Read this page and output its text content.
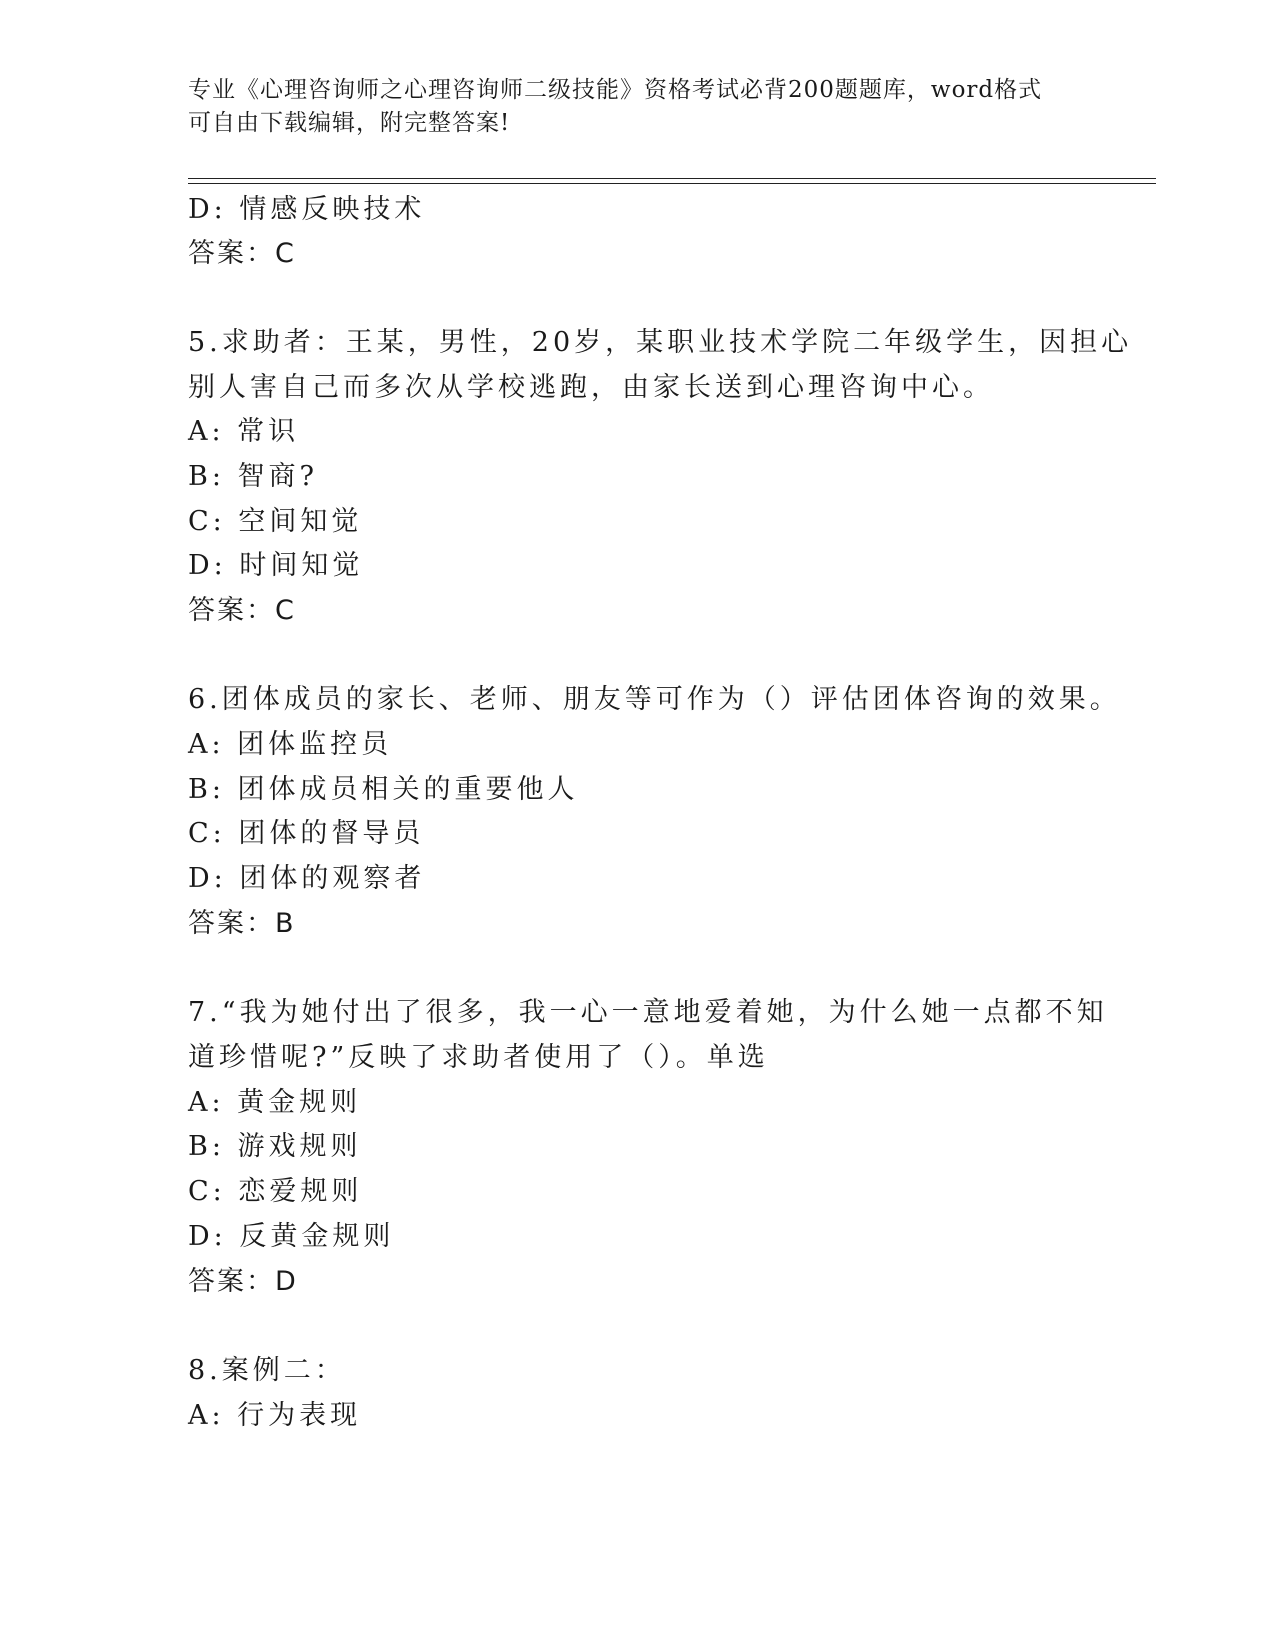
专业《心理咨询师之心理咨询师二级技能》资格考试必背200题题库，word格式
可自由下载编辑，附完整答案!
D: 情感反映技术
答案：C
5.求助者：王某，男性，20岁，某职业技术学院二年级学生，因担心
别人害自己而多次从学校逃跑，由家长送到心理咨询中心。
A: 常识
B: 智商?
C: 空间知觉
D: 时间知觉
答案：C
6.团体成员的家长、老师、朋友等可作为（）评估团体咨询的效果。
A: 团体监控员
B: 团体成员相关的重要他人
C: 团体的督导员
D: 团体的观察者
答案：B
7.“我为她付出了很多，我一心一意地爱着她，为什么她一点都不知
道珍惜呢?”反映了求助者使用了（）。单选
A: 黄金规则
B: 游戏规则
C: 恋爱规则
D: 反黄金规则
答案：D
8.案例二：
A: 行为表现
